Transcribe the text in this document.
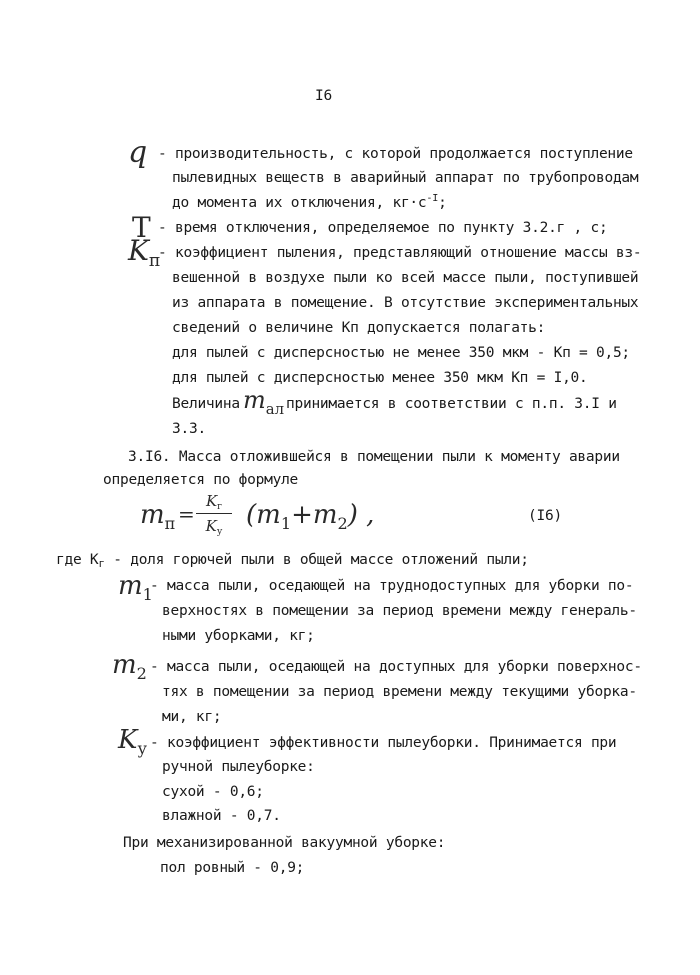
I6
q - производительность, с которой продолжается поступление
пылевидных веществ в аварийный аппарат по трубопроводам
до момента их отключения, $кг\cdot с^{-I}$;
T - время отключения, определяемое по пункту 3.2.г , с;
$K_п$
- коэффициент пыления, представляющий отношение массы вз-
вешенной в воздухе пыли ко всей массе пыли, поступившей
из аппарата в помещение. В отсутствие экспериментальных
сведений о величине Кп допускается полагать:
для пылей с дисперсностью не менее 350 мкм - Кп = 0,5;
для пылей с дисперсностью менее 350 мкм Кп = I,0.
Величина $m_{ал}$ принимается в соответствии с п.п. 3.I и
3.3.
3.I6. Масса отложившейся в помещении пыли к моменту аварии
определяется по формуле
$m_п$ =
$K_г$
$K_у$
$(m_1+m_2)$ ,	(I6)
где $К_г$ - доля горючей пыли в общей массе отложений пыли;
$m_1$
- масса пыли, оседающей на труднодоступных для уборки по-
верхностях в помещении за период времени между генераль-
ными уборками, кг;
$m_2$ - масса пыли, оседающей на доступных для уборки поверхнос-
тях в помещении за период времени между текущими уборка-
ми, кг;
$K_у$ - коэффициент эффективности пылеуборки. Принимается при
ручной пылеуборке:
сухой - 0,6;
влажной - 0,7.
При механизированной вакуумной уборке:
пол ровный - 0,9;
